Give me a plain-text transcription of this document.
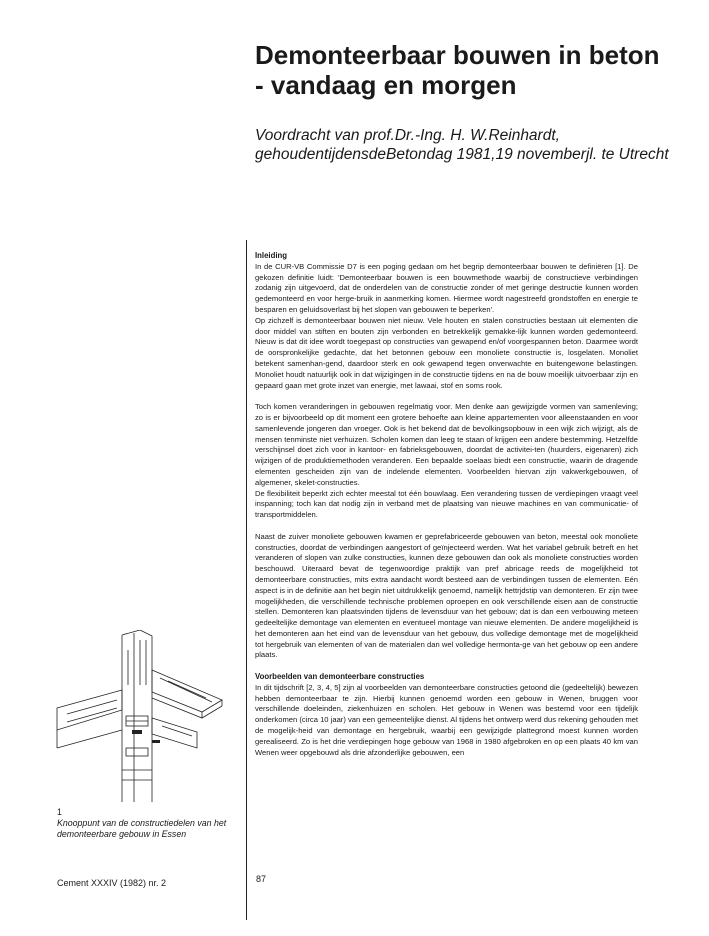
Demonteerbaar bouwen in beton - vandaag en morgen

Voordracht van prof.Dr.-Ing. H. W.Reinhardt, gehoudentijdensdeBetondag 1981,19 novemberjl. te Utrecht

Inleiding

In de CUR-VB Commissie D7 is een poging gedaan om het begrip demonteerbaar bouwen te definiëren [1]. De gekozen definitie luidt: 'Demonteerbaar bouwen is een bouwmethode waarbij de constructieve verbindingen zodanig zijn uitgevoerd, dat de onderdelen van de constructie zonder of met geringe destructie kunnen worden gedemonteerd en voor herge-bruik in aanmerking komen. Hiermee wordt nagestreefd grondstoffen en energie te besparen en geluidsoverlast bij het slopen van gebouwen te beperken'.

Op zichzelf is demonteerbaar bouwen niet nieuw. Vele houten en stalen constructies bestaan uit elementen die door middel van stiften en bouten zijn verbonden en betrekkelijk gemakke-lijk kunnen worden gedemonteerd. Nieuw is dat dit idee wordt toegepast op constructies van gewapend en/of voorgespannen beton. Daarmee wordt de oorspronkelijke gedachte, dat het betonnen gebouw een monoliete constructie is, losgelaten. Monoliet betekent samenhan-gend, daardoor sterk en ook gewapend tegen onverwachte en buitengewone belastingen. Monoliet houdt natuurlijk ook in dat wijzigingen in de constructie tijdens en na de bouw moeilijk uitvoerbaar zijn en gepaard gaan met grote inzet van energie, met lawaai, stof en soms rook.

Toch komen veranderingen in gebouwen regelmatig voor. Men denke aan gewijzigde vormen van samenleving; zo is er bijvoorbeeld op dit moment een grotere behoefte aan kleine appartementen voor alleenstaanden en voor samenlevende jongeren dan vroeger. Ook is het bekend dat de bevolkingsopbouw in een wijk zich wijzigt, als de mensen tenminste niet verhuizen. Scholen komen dan leeg te staan of krijgen een andere bestemming. Hetzelfde verschijnsel doet zich voor in kantoor- en fabrieksgebouwen, doordat de activitei-ten (huurders, eigenaren) zich wijzigen of de produktiemethoden veranderen. Een bepaalde soelaas biedt een constructie, waarin de dragende elementen gescheiden zijn van de indelende elementen. Voorbeelden hiervan zijn vakwerkgebouwen, of algemener, skelet-constructies.

De flexibiliteit beperkt zich echter meestal tot één bouwlaag. Een verandering tussen de verdiepingen vraagt veel inspanning; toch kan dat nodig zijn in verband met de plaatsing van nieuwe machines en van communicatie- of transportmiddelen.

Naast de zuiver monoliete gebouwen kwamen er geprefabriceerde gebouwen van beton, meestal ook monoliete constructies, doordat de verbindingen aangestort of geïnjecteerd werden. Wat het variabel gebruik betreft en het veranderen of slopen van zulke constructies, kunnen deze gebouwen dan ook als monoliete constructies worden beschouwd. Uiteraard bevat de tegenwoordige praktijk van pref abricage reeds de mogelijkheid tot demonteerbare constructies, mits extra aandacht wordt besteed aan de verbindingen tussen de elementen. Eén aspect is in de definitie aan het begin niet uitdrukkelijk genoemd, namelijk hettrjdstip van demonteren. Er zijn twee mogelijkheden, die verschillende technische problemen oproepen en ook verschillende eisen aan de constructie stellen. Demonteren kan plaatsvinden tijdens de levensduur van het gebouw; dat is dan een verbouwing meteen gedeeltelijke demontage van elementen en eventueel montage van nieuwe elementen. De andere mogelijkheid is het demonteren aan het eind van de levensduur van het gebouw, dus volledige demontage met de mogelijkheid tot hergebruik van elementen of van de materialen dan wel volledige hermonta-ge van het gebouw op een andere plaats.

Voorbeelden van demonteerbare constructies

In dit tijdschrift [2, 3, 4, 5] zijn al voorbeelden van demonteerbare constructies getoond die (gedeeltelijk) bewezen hebben demonteerbaar te zijn. Hierbij kunnen genoemd worden een gebouw in Wenen, bruggen voor verschillende doeleinden, ziekenhuizen en scholen. Het gebouw in Wenen was bestemd voor een tijdelijk onderkomen (circa 10 jaar) van een gemeentelijke dienst. Al tijdens het ontwerp werd dus rekening gehouden met de mogelijk-heid van demontage en hergebruik, waarbij een gewijzigde plattegrond moest kunnen worden gerealiseerd. Zo is het drie verdiepingen hoge gebouw van 1968 in 1980 afgebroken en op een plaats 40 km van Wenen weer opgebouwd als drie afzonderlijke gebouwen, een

1
Knooppunt van de constructiedelen van het demonteerbare gebouw in Essen
Cement XXXIV (1982) nr. 2	87
